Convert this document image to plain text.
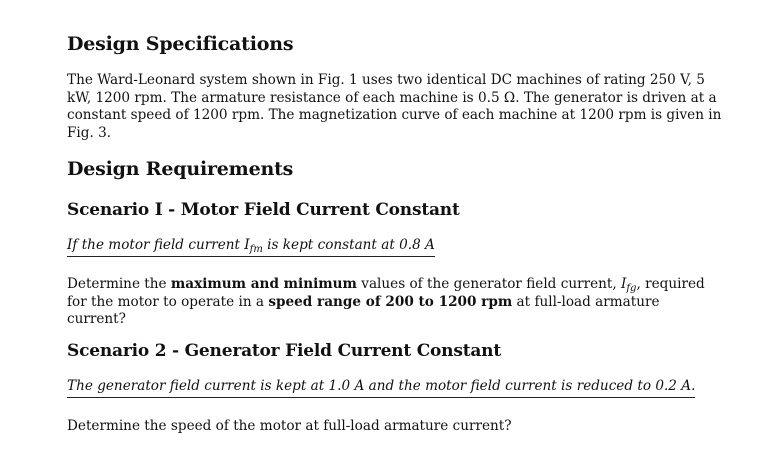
Design Specifications

The Ward-Leonard system shown in Fig. 1 uses two identical DC machines of rating 250 V, 5 kW, 1200 rpm. The armature resistance of each machine is 0.5 Ω. The generator is driven at a constant speed of 1200 rpm. The magnetization curve of each machine at 1200 rpm is given in Fig. 3.

Design Requirements
Scenario I - Motor Field Current Constant
If the motor field current $I_{fm}$ is kept constant at 0.8 A

Determine the maximum and minimum values of the generator field current, $I_{fg}$, required for the motor to operate in a speed range of 200 to 1200 rpm at full-load armature current?

Scenario 2 - Generator Field Current Constant
The generator field current is kept at 1.0 A and the motor field current is reduced to 0.2 A.

Determine the speed of the motor at full-load armature current?
